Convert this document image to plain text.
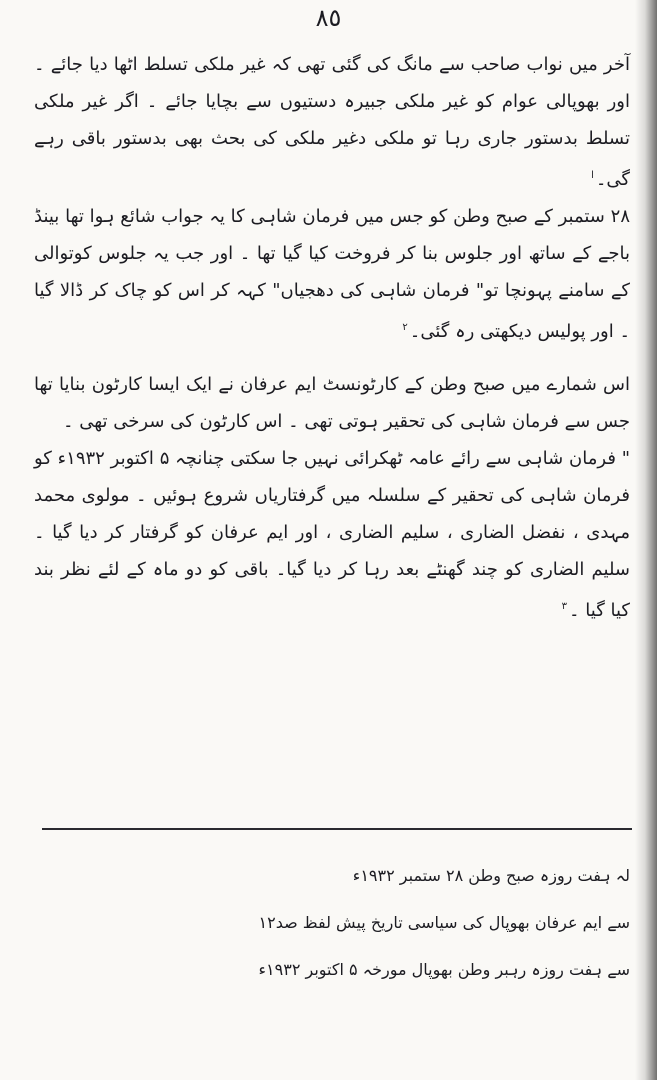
٨٥

آخر میں نواب صاحب سے مانگ کی گئی تھی کہ غیر ملکی تسلط اٹھا دیا جائے ۔ اور بھوپالی عوام کو غیر ملکی جبیرہ دستیوں سے بچایا جائے ۔ اگر غیر ملکی تسلط بدستور جاری رہا تو ملکی دغیر ملکی کی بحث بھی بدستور باقی رہے گی۔$^ا$

۲۸ ستمبر کے صبح وطن کو جس میں فرمان شاہی کا یہ جواب شائع ہوا تھا بینڈ باجے کے ساتھ اور جلوس بنا کر فروخت کیا گیا تھا ۔ اور جب یہ جلوس کوتوالی کے سامنے پہونچا تو" فرمان شاہی کی دھجیاں" کہہ کر اس کو چاک کر ڈالا گیا ۔ اور پولیس دیکھتی رہ گئی۔$^۲$

اس شمارے میں صبح وطن کے کارٹونسٹ ایم عرفان نے ایک ایسا کارٹون بنایا تھا جس سے فرمان شاہی کی تحقیر ہوتی تھی ۔ اس کارٹون کی سرخی تھی ۔

" فرمان شاہی سے رائے عامہ ٹھکرائی نہیں جا سکتی چنانچہ ۵ اکتوبر ۱۹۳۲ء کو فرمان شاہی کی تحقیر کے سلسلہ میں گرفتاریاں شروع ہوئیں ۔ مولوی محمد مہدی ، نفضل الضاری ، سلیم الضاری ، اور ایم عرفان کو گرفتار کر دیا گیا ۔ سلیم الضاری کو چند گھنٹے بعد رہا کر دیا گیا۔ باقی کو دو ماہ کے لئے نظر بند کیا گیا ۔$^۳$

لہ ہفت روزہ صبح وطن ۲۸ ستمبر ۱۹۳۲ء

سے ایم عرفان بھوپال کی سیاسی تاریخ پیش لفظ صد۱۲

سے ہفت روزہ رہبر وطن بھوپال مورخہ ۵ اکتوبر ۱۹۳۲ء
